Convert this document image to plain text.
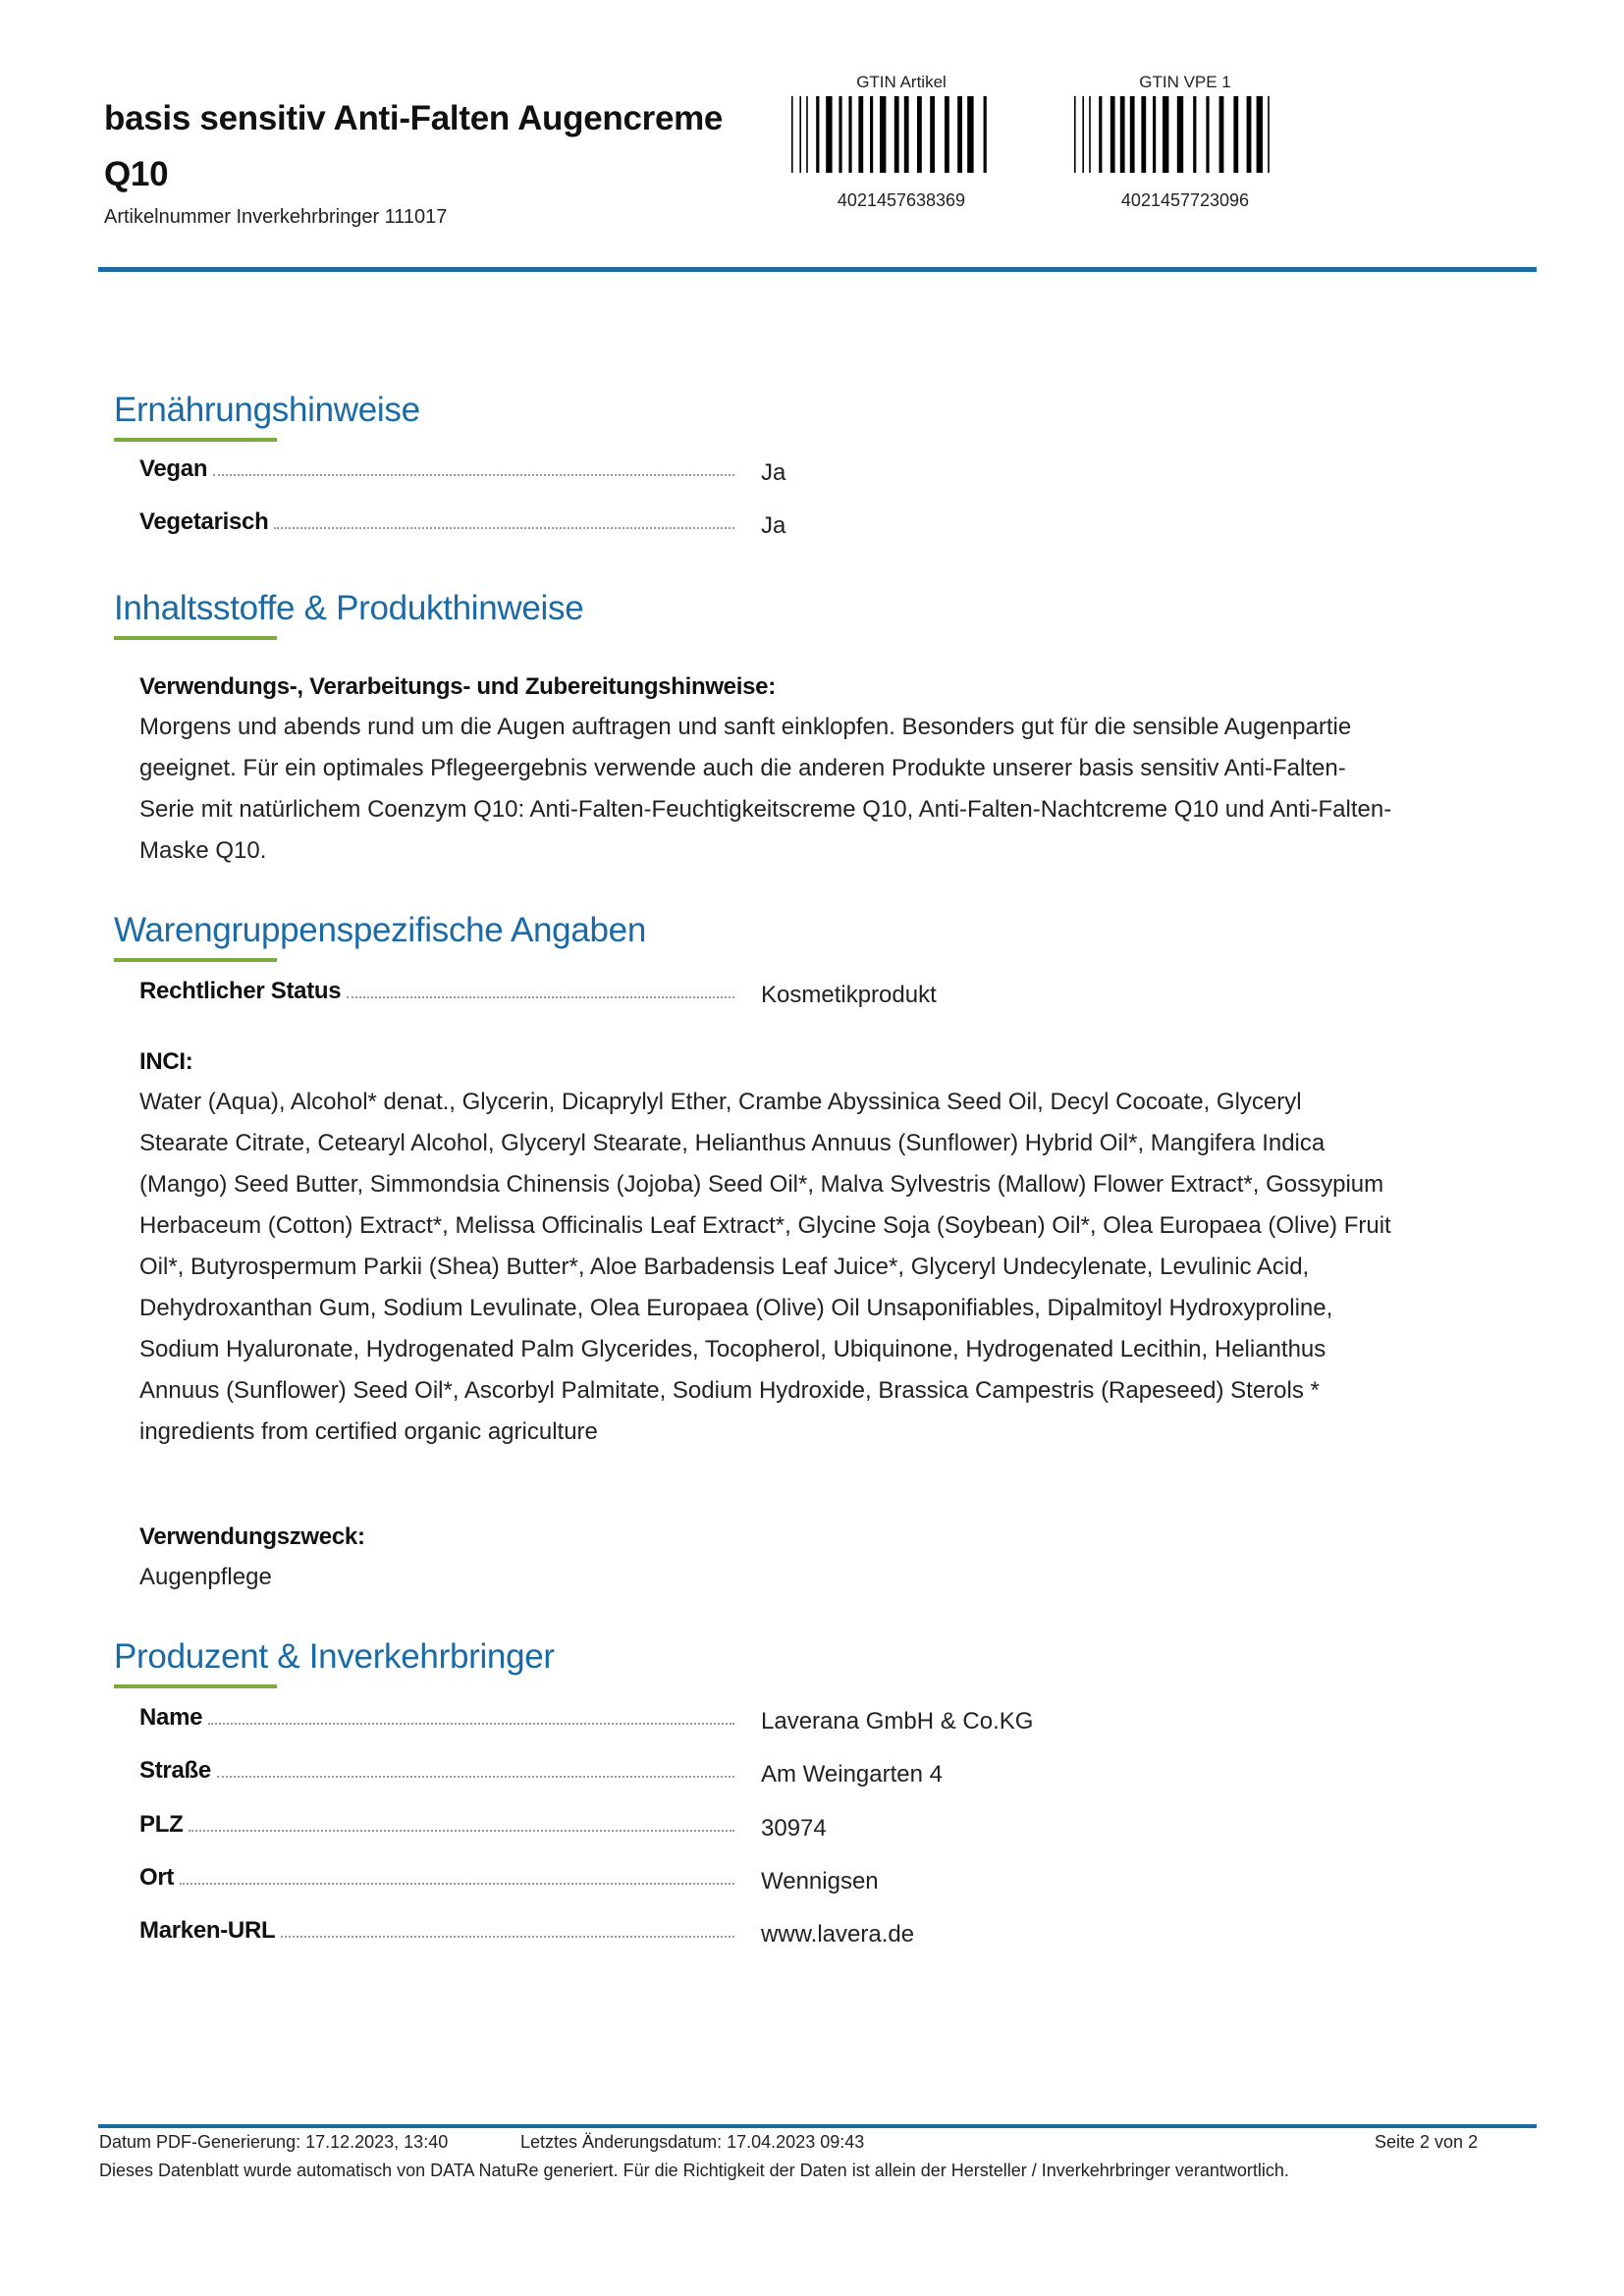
basis sensitiv Anti-Falten Augencreme Q10
Artikelnummer Inverkehrbringer 111017
GTIN Artikel
4021457638369
GTIN VPE 1
4021457723096
Ernährungshinweise
Vegan	Ja
Vegetarisch	Ja
Inhaltsstoffe & Produkthinweise
Verwendungs-, Verarbeitungs- und Zubereitungshinweise:
Morgens und abends rund um die Augen auftragen und sanft einklopfen. Besonders gut für die sensible Augenpartie geeignet. Für ein optimales Pflegeergebnis verwende auch die anderen Produkte unserer basis sensitiv Anti-Falten-Serie mit natürlichem Coenzym Q10: Anti-Falten-Feuchtigkeitscreme Q10, Anti-Falten-Nachtcreme Q10 und Anti-Falten-Maske Q10.
Warengruppenspezifische Angaben
Rechtlicher Status	Kosmetikprodukt
INCI:
Water (Aqua), Alcohol* denat., Glycerin, Dicaprylyl Ether, Crambe Abyssinica Seed Oil, Decyl Cocoate, Glyceryl Stearate Citrate, Cetearyl Alcohol, Glyceryl Stearate, Helianthus Annuus (Sunflower) Hybrid Oil*, Mangifera Indica (Mango) Seed Butter, Simmondsia Chinensis (Jojoba) Seed Oil*, Malva Sylvestris (Mallow) Flower Extract*, Gossypium Herbaceum (Cotton) Extract*, Melissa Officinalis Leaf Extract*, Glycine Soja (Soybean) Oil*, Olea Europaea (Olive) Fruit Oil*, Butyrospermum Parkii (Shea) Butter*, Aloe Barbadensis Leaf Juice*, Glyceryl Undecylenate, Levulinic Acid, Dehydroxanthan Gum, Sodium Levulinate, Olea Europaea (Olive) Oil Unsaponifiables, Dipalmitoyl Hydroxyproline, Sodium Hyaluronate, Hydrogenated Palm Glycerides, Tocopherol, Ubiquinone, Hydrogenated Lecithin, Helianthus Annuus (Sunflower) Seed Oil*, Ascorbyl Palmitate, Sodium Hydroxide, Brassica Campestris (Rapeseed) Sterols * ingredients from certified organic agriculture
Verwendungszweck:
Augenpflege
Produzent & Inverkehrbringer
Name	Laverana GmbH & Co.KG
Straße	Am Weingarten 4
PLZ	30974
Ort	Wennigsen
Marken-URL	www.lavera.de
Datum PDF-Generierung: 17.12.2023, 13:40	Letztes Änderungsdatum: 17.04.2023 09:43	Seite 2 von 2
Dieses Datenblatt wurde automatisch von DATA NatuRe generiert. Für die Richtigkeit der Daten ist allein der Hersteller / Inverkehrbringer verantwortlich.
